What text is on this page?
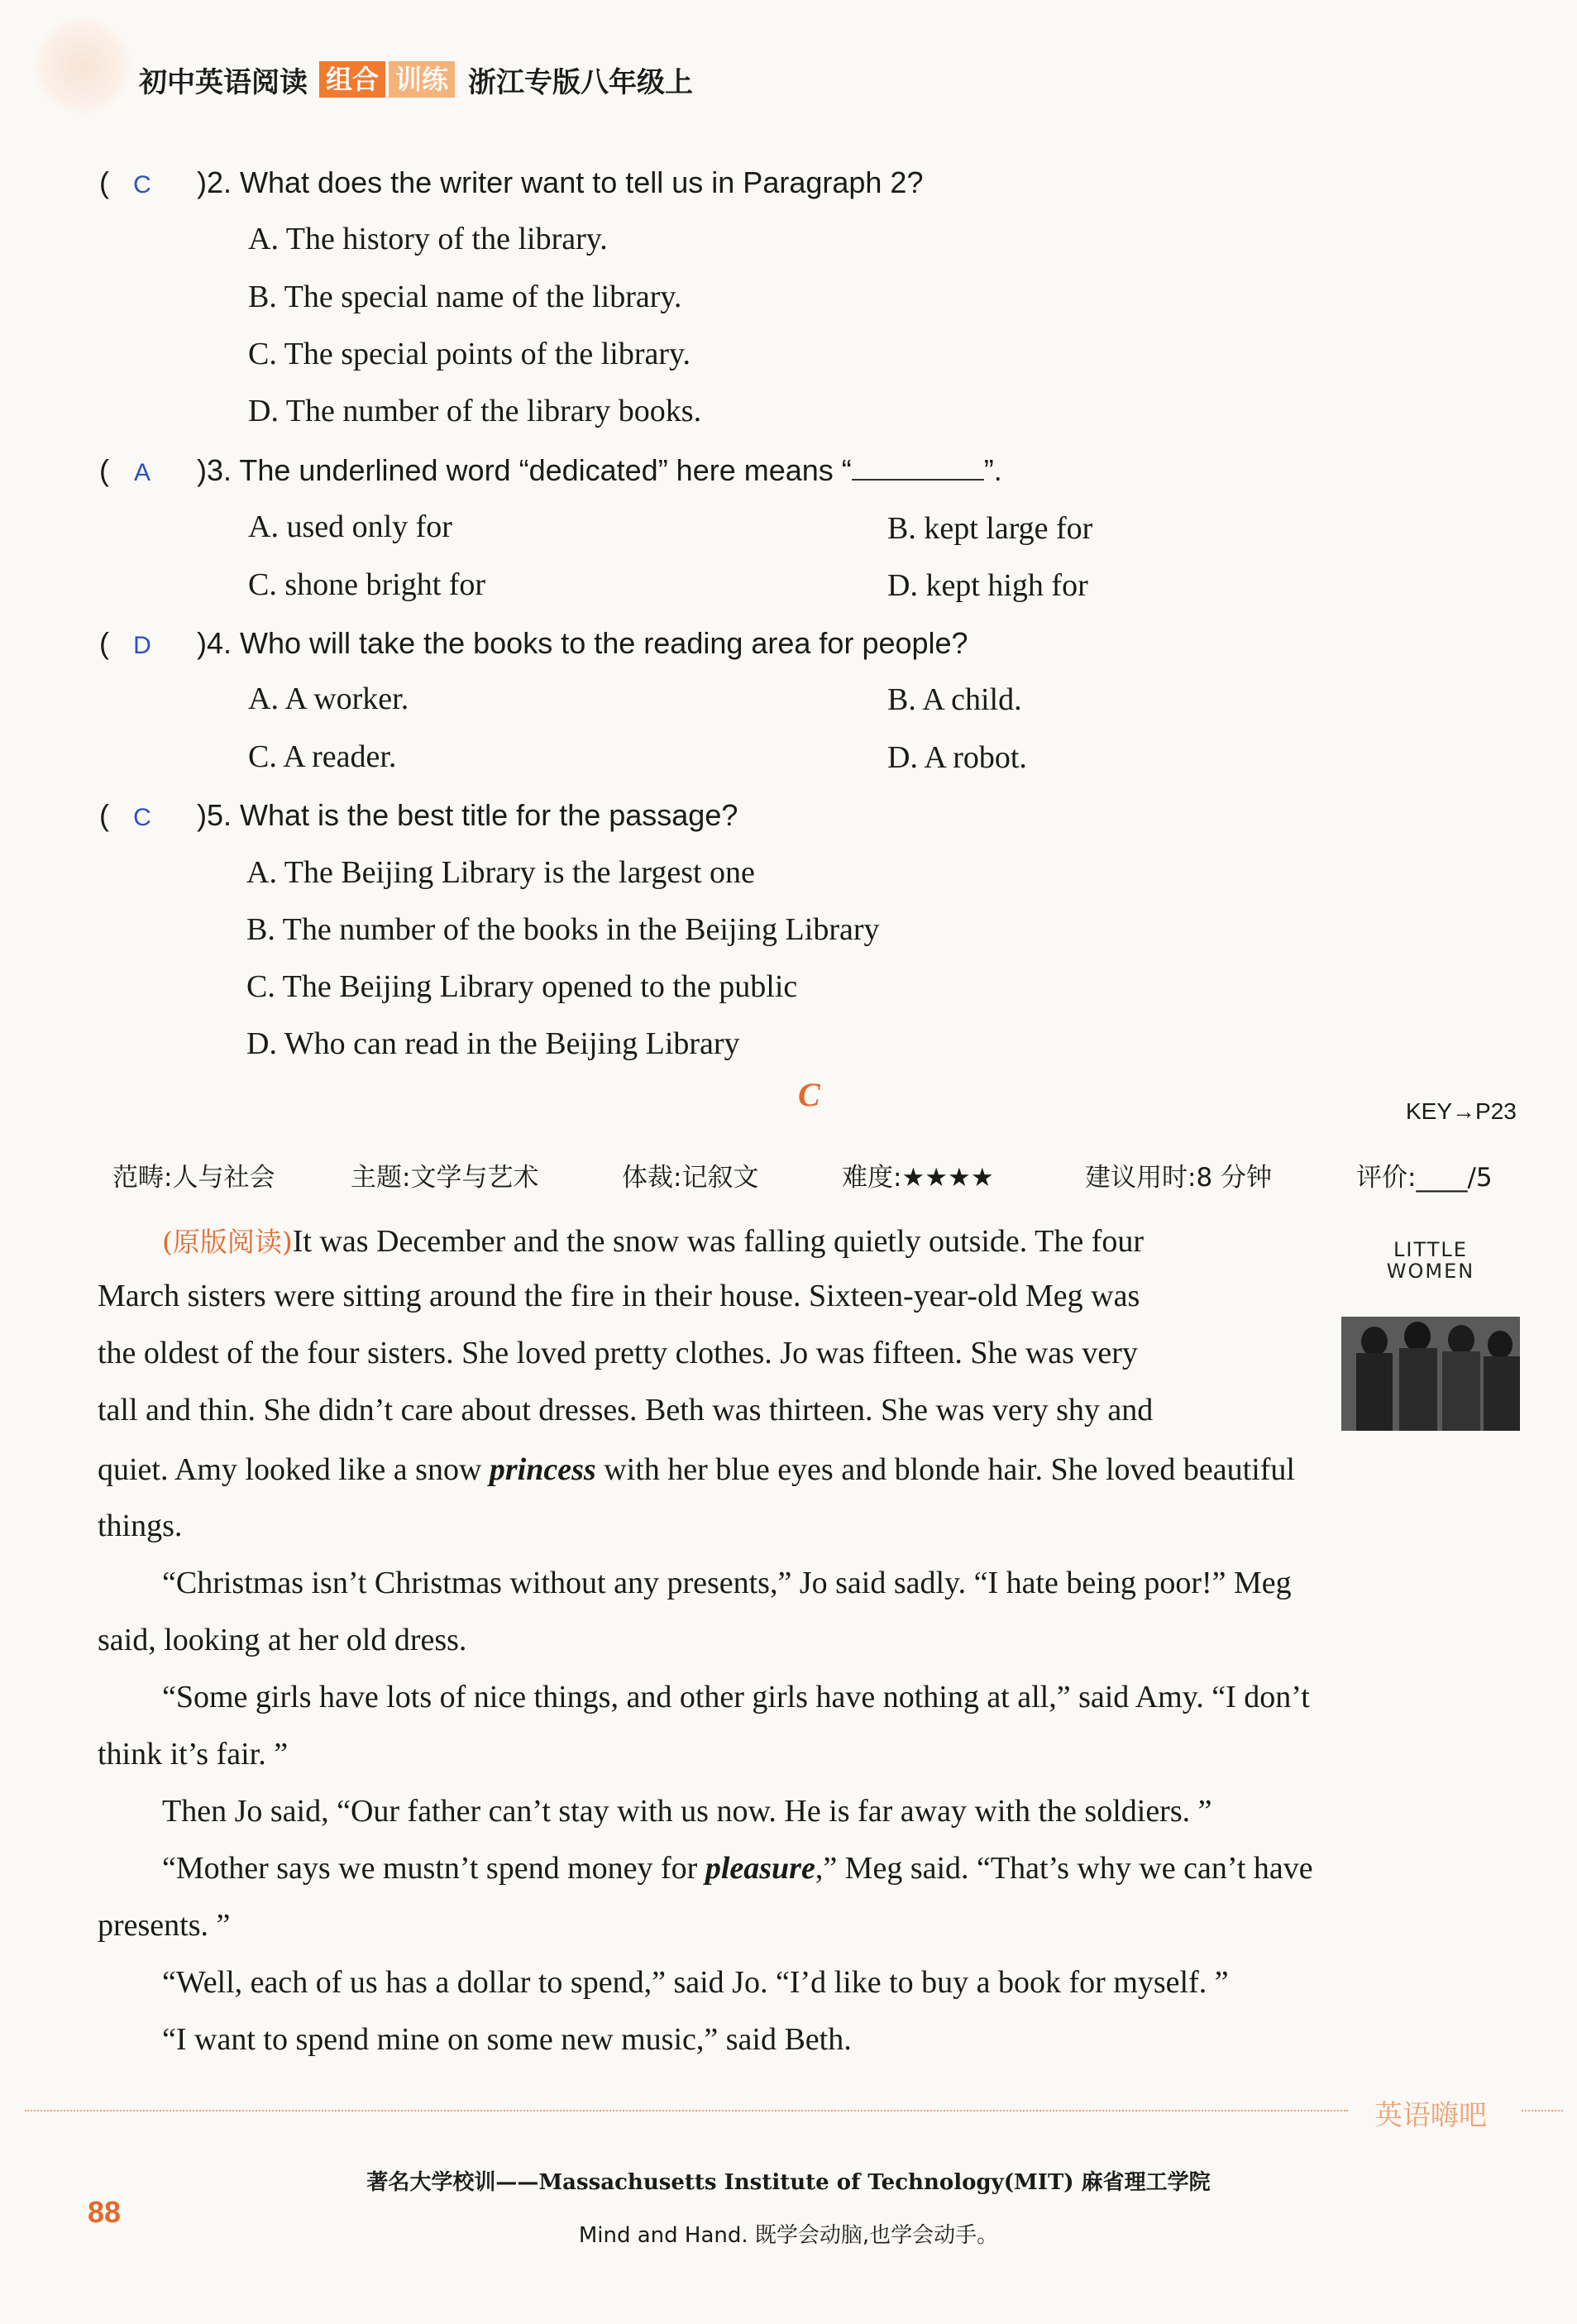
初中英语阅读 组合 训练 浙江专版八年级上
( C )2. What does the writer want to tell us in Paragraph 2?
A. The history of the library.
B. The special name of the library.
C. The special points of the library.
D. The number of the library books.
( A )3. The underlined word “dedicated” here means “	”.
A. used only for	B. kept large for
C. shone bright for	D. kept high for
( D )4. Who will take the books to the reading area for people?
A. A worker.	B. A child.
C. A reader.	D. A robot.
( C )5. What is the best title for the passage?
A. The Beijing Library is the largest one
B. The number of the books in the Beijing Library
C. The Beijing Library opened to the public
D. Who can read in the Beijing Library
C	KEY→P23
范畴:人与社会	主题:文学与艺术	体裁:记叙文	难度:★★★★	建议用时:8 分钟	评价:____/5
LITTLE
WOMEN
(原版阅读)It was December and the snow was falling quietly outside. The four
March sisters were sitting around the fire in their house. Sixteen-year-old Meg was
the oldest of the four sisters. She loved pretty clothes. Jo was fifteen. She was very
tall and thin. She didn’t care about dresses. Beth was thirteen. She was very shy and
quiet. Amy looked like a snow princess with her blue eyes and blonde hair. She loved beautiful
things.
“Christmas isn’t Christmas without any presents,” Jo said sadly. “I hate being poor!” Meg
said, looking at her old dress.
“Some girls have lots of nice things, and other girls have nothing at all,” said Amy. “I don’t
think it’s fair. ”
Then Jo said, “Our father can’t stay with us now. He is far away with the soldiers. ”
“Mother says we mustn’t spend money for pleasure,” Meg said. “That’s why we can’t have
presents. ”
“Well, each of us has a dollar to spend,” said Jo. “I’d like to buy a book for myself. ”
“I want to spend mine on some new music,” said Beth.
英语嗨吧
著名大学校训——Massachusetts Institute of Technology(MIT) 麻省理工学院
88
Mind and Hand. 既学会动脑,也学会动手。
